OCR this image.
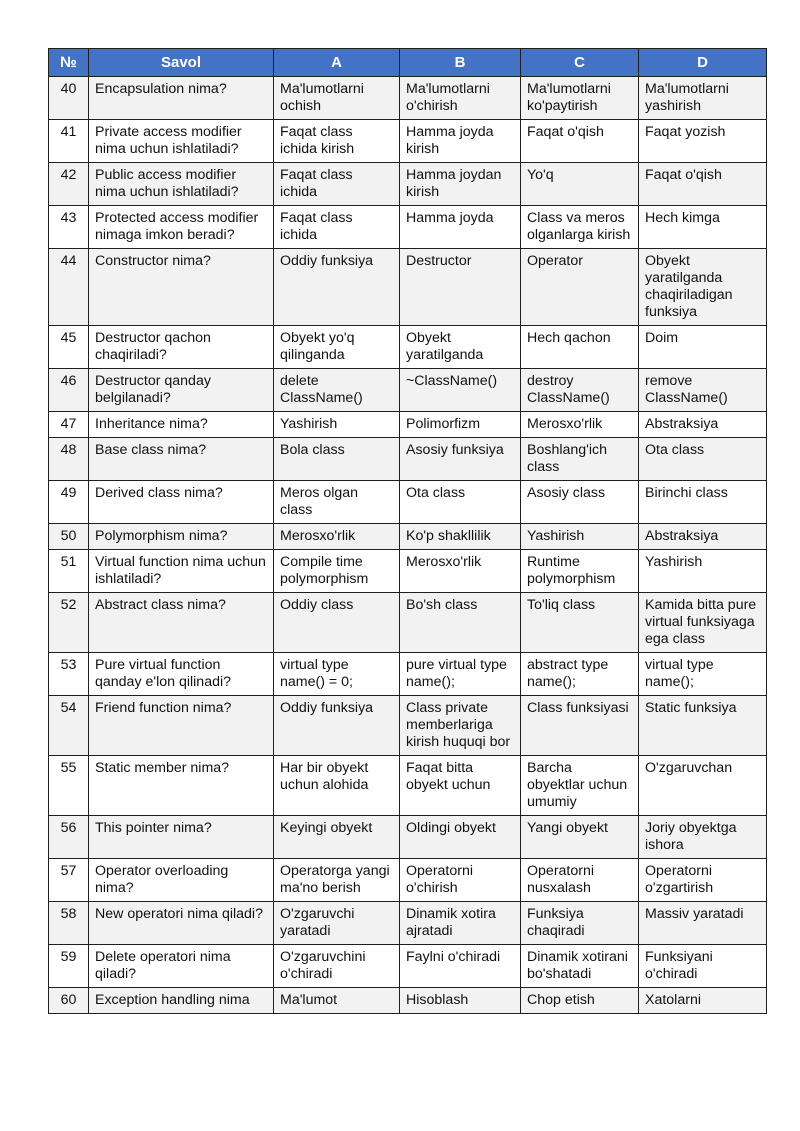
№	Savol	A	B	C	D
40	Encapsulation nima?	Ma'lumotlarni ochish	Ma'lumotlarni o'chirish	Ma'lumotlarni ko'paytirish	Ma'lumotlarni yashirish
41	Private access modifier nima uchun ishlatiladi?	Faqat class ichida kirish	Hamma joyda kirish	Faqat o'qish	Faqat yozish
42	Public access modifier nima uchun ishlatiladi?	Faqat class ichida	Hamma joydan kirish	Yo'q	Faqat o'qish
43	Protected access modifier nimaga imkon beradi?	Faqat class ichida	Hamma joyda	Class va meros olganlarga kirish	Hech kimga
44	Constructor nima?	Oddiy funksiya	Destructor	Operator	Obyekt yaratilganda chaqiriladigan funksiya
45	Destructor qachon chaqiriladi?	Obyekt yo'q qilinganda	Obyekt yaratilganda	Hech qachon	Doim
46	Destructor qanday belgilanadi?	delete ClassName()	~ClassName()	destroy ClassName()	remove ClassName()
47	Inheritance nima?	Yashirish	Polimorfizm	Merosxo'rlik	Abstraksiya
48	Base class nima?	Bola class	Asosiy funksiya	Boshlang'ich class	Ota class
49	Derived class nima?	Meros olgan class	Ota class	Asosiy class	Birinchi class
50	Polymorphism nima?	Merosxo'rlik	Ko'p shakllilik	Yashirish	Abstraksiya
51	Virtual function nima uchun ishlatiladi?	Compile time polymorphism	Merosxo'rlik	Runtime polymorphism	Yashirish
52	Abstract class nima?	Oddiy class	Bo'sh class	To'liq class	Kamida bitta pure virtual funksiyaga ega class
53	Pure virtual function qanday e'lon qilinadi?	virtual type name() = 0;	pure virtual type name();	abstract type name();	virtual type name();
54	Friend function nima?	Oddiy funksiya	Class private memberlariga kirish huquqi bor	Class funksiyasi	Static funksiya
55	Static member nima?	Har bir obyekt uchun alohida	Faqat bitta obyekt uchun	Barcha obyektlar uchun umumiy	O'zgaruvchan
56	This pointer nima?	Keyingi obyekt	Oldingi obyekt	Yangi obyekt	Joriy obyektga ishora
57	Operator overloading nima?	Operatorga yangi ma'no berish	Operatorni o'chirish	Operatorni nusxalash	Operatorni o'zgartirish
58	New operatori nima qiladi?	O'zgaruvchi yaratadi	Dinamik xotira ajratadi	Funksiya chaqiradi	Massiv yaratadi
59	Delete operatori nima qiladi?	O'zgaruvchini o'chiradi	Faylni o'chiradi	Dinamik xotirani bo'shatadi	Funksiyani o'chiradi
60	Exception handling nima	Ma'lumot	Hisoblash	Chop etish	Xatolarni
